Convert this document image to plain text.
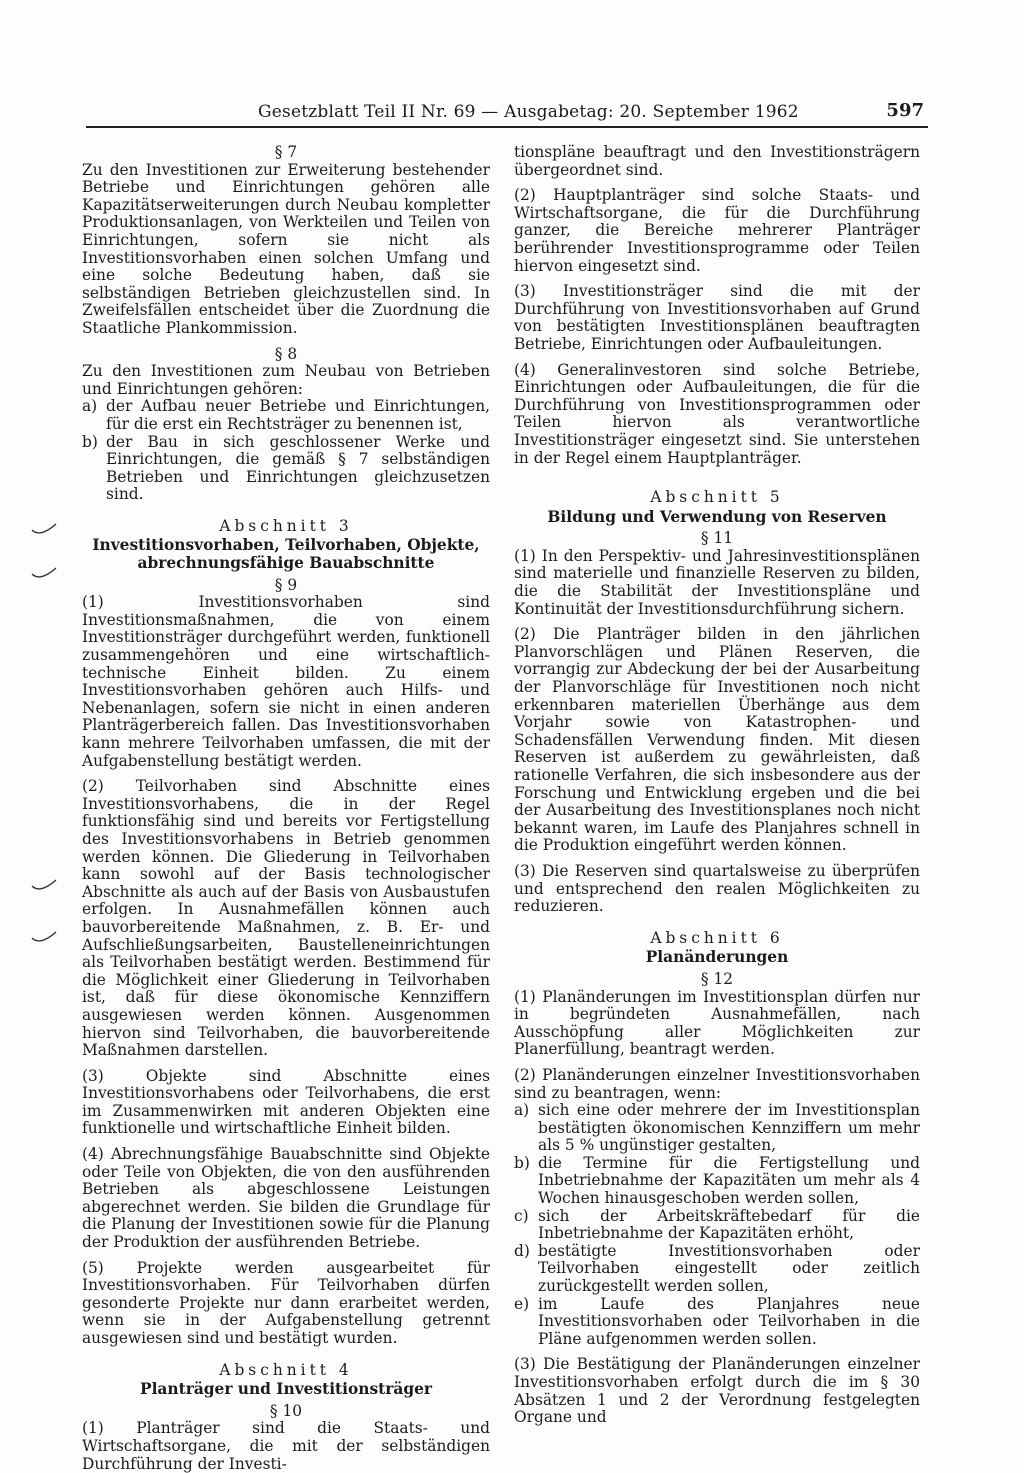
Gesetzblatt Teil II Nr. 69 — Ausgabetag: 20. September 1962	597

§ 7

Zu den Investitionen zur Erweiterung bestehender Betriebe und Einrichtungen gehören alle Kapazitätserweiterungen durch Neubau kompletter Produktionsanlagen, von Werkteilen und Teilen von Einrichtungen, sofern sie nicht als Investitionsvorhaben einen solchen Umfang und eine solche Bedeutung haben, daß sie selbständigen Betrieben gleichzustellen sind. In Zweifelsfällen entscheidet über die Zuordnung die Staatliche Plankommission.

§ 8

Zu den Investitionen zum Neubau von Betrieben und Einrichtungen gehören:

a) der Aufbau neuer Betriebe und Einrichtungen, für die erst ein Rechtsträger zu benennen ist,
b) der Bau in sich geschlossener Werke und Einrichtungen, die gemäß § 7 selbständigen Betrieben und Einrichtungen gleichzusetzen sind.

Abschnitt 3

Investitionsvorhaben, Teilvorhaben, Objekte, abrechnungsfähige Bauabschnitte

§ 9

(1) Investitionsvorhaben sind Investitionsmaßnahmen, die von einem Investitionsträger durchgeführt werden, funktionell zusammengehören und eine wirtschaftlich-technische Einheit bilden. Zu einem Investitionsvorhaben gehören auch Hilfs- und Nebenanlagen, sofern sie nicht in einen anderen Planträgerbereich fallen. Das Investitionsvorhaben kann mehrere Teilvorhaben umfassen, die mit der Aufgabenstellung bestätigt werden.

(2) Teilvorhaben sind Abschnitte eines Investitionsvorhabens, die in der Regel funktionsfähig sind und bereits vor Fertigstellung des Investitionsvorhabens in Betrieb genommen werden können. Die Gliederung in Teilvorhaben kann sowohl auf der Basis technologischer Abschnitte als auch auf der Basis von Ausbaustufen erfolgen. In Ausnahmefällen können auch bauvorbereitende Maßnahmen, z. B. Er- und Aufschließungsarbeiten, Baustelleneinrichtungen als Teilvorhaben bestätigt werden. Bestimmend für die Möglichkeit einer Gliederung in Teilvorhaben ist, daß für diese ökonomische Kennziffern ausgewiesen werden können. Ausgenommen hiervon sind Teilvorhaben, die bauvorbereitende Maßnahmen darstellen.

(3) Objekte sind Abschnitte eines Investitionsvorhabens oder Teilvorhabens, die erst im Zusammenwirken mit anderen Objekten eine funktionelle und wirtschaftliche Einheit bilden.

(4) Abrechnungsfähige Bauabschnitte sind Objekte oder Teile von Objekten, die von den ausführenden Betrieben als abgeschlossene Leistungen abgerechnet werden. Sie bilden die Grundlage für die Planung der Investitionen sowie für die Planung der Produktion der ausführenden Betriebe.

(5) Projekte werden ausgearbeitet für Investitionsvorhaben. Für Teilvorhaben dürfen gesonderte Projekte nur dann erarbeitet werden, wenn sie in der Aufgabenstellung getrennt ausgewiesen sind und bestätigt wurden.

Abschnitt 4

Planträger und Investitionsträger

§ 10

(1) Planträger sind die Staats- und Wirtschaftsorgane, die mit der selbständigen Durchführung der Investi-

tionspläne beauftragt und den Investitionsträgern übergeordnet sind.

(2) Hauptplanträger sind solche Staats- und Wirtschaftsorgane, die für die Durchführung ganzer, die Bereiche mehrerer Planträger berührender Investitionsprogramme oder Teilen hiervon eingesetzt sind.

(3) Investitionsträger sind die mit der Durchführung von Investitionsvorhaben auf Grund von bestätigten Investitionsplänen beauftragten Betriebe, Einrichtungen oder Aufbauleitungen.

(4) Generalinvestoren sind solche Betriebe, Einrichtungen oder Aufbauleitungen, die für die Durchführung von Investitionsprogrammen oder Teilen hiervon als verantwortliche Investitionsträger eingesetzt sind. Sie unterstehen in der Regel einem Hauptplanträger.

Abschnitt 5

Bildung und Verwendung von Reserven

§ 11

(1) In den Perspektiv- und Jahresinvestitionsplänen sind materielle und finanzielle Reserven zu bilden, die die Stabilität der Investitionspläne und Kontinuität der Investitionsdurchführung sichern.

(2) Die Planträger bilden in den jährlichen Planvorschlägen und Plänen Reserven, die vorrangig zur Abdeckung der bei der Ausarbeitung der Planvorschläge für Investitionen noch nicht erkennbaren materiellen Überhänge aus dem Vorjahr sowie von Katastrophen- und Schadensfällen Verwendung finden. Mit diesen Reserven ist außerdem zu gewährleisten, daß rationelle Verfahren, die sich insbesondere aus der Forschung und Entwicklung ergeben und die bei der Ausarbeitung des Investitionsplanes noch nicht bekannt waren, im Laufe des Planjahres schnell in die Produktion eingeführt werden können.

(3) Die Reserven sind quartalsweise zu überprüfen und entsprechend den realen Möglichkeiten zu reduzieren.

Abschnitt 6

Planänderungen

§ 12

(1) Planänderungen im Investitionsplan dürfen nur in begründeten Ausnahmefällen, nach Ausschöpfung aller Möglichkeiten zur Planerfüllung, beantragt werden.

(2) Planänderungen einzelner Investitionsvorhaben sind zu beantragen, wenn:

a) sich eine oder mehrere der im Investitionsplan bestätigten ökonomischen Kennziffern um mehr als 5 % ungünstiger gestalten,
b) die Termine für die Fertigstellung und Inbetriebnahme der Kapazitäten um mehr als 4 Wochen hinausgeschoben werden sollen,
c) sich der Arbeitskräftebedarf für die Inbetriebnahme der Kapazitäten erhöht,
d) bestätigte Investitionsvorhaben oder Teilvorhaben eingestellt oder zeitlich zurückgestellt werden sollen,
e) im Laufe des Planjahres neue Investitionsvorhaben oder Teilvorhaben in die Pläne aufgenommen werden sollen.

(3) Die Bestätigung der Planänderungen einzelner Investitionsvorhaben erfolgt durch die im § 30 Absätzen 1 und 2 der Verordnung festgelegten Organe und
